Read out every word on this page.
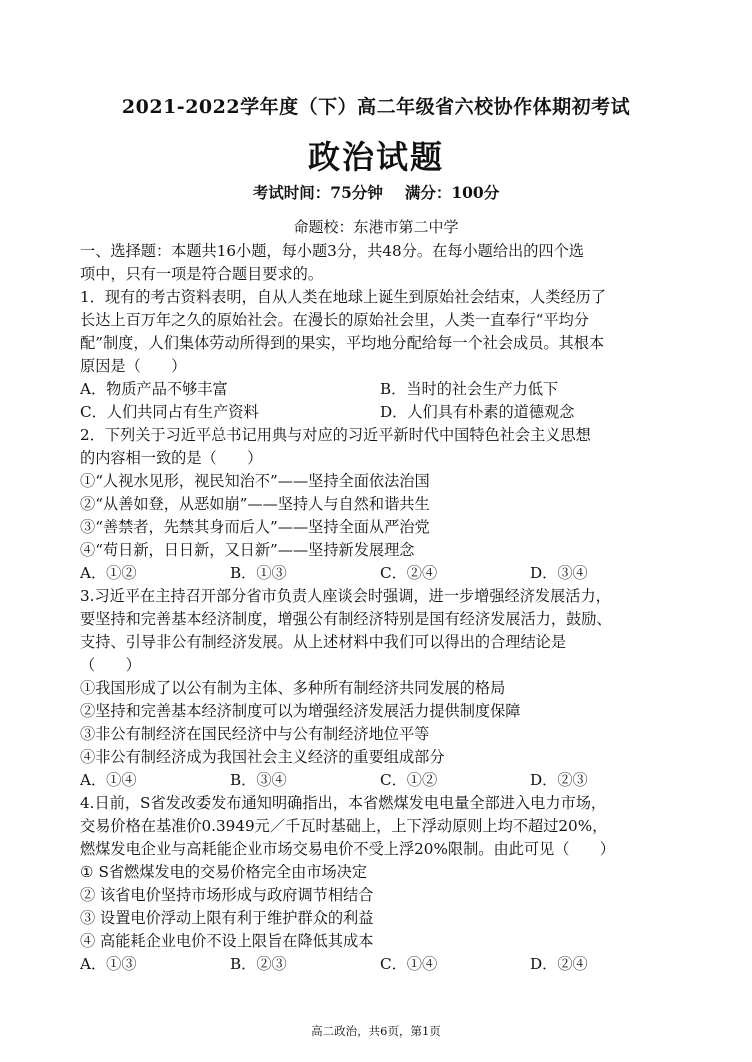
2021-2022学年度（下）高二年级省六校协作体期初考试
政治试题
考试时间：75分钟 满分：100分
命题校：东港市第二中学
一、选择题：本题共16小题，每小题3分，共48分。在每小题给出的四个选
项中，只有一项是符合题目要求的。
1．现有的考古资料表明，自从人类在地球上诞生到原始社会结束，人类经历了
长达上百万年之久的原始社会。在漫长的原始社会里，人类一直奉行“平均分
配”制度，人们集体劳动所得到的果实，平均地分配给每一个社会成员。其根本
原因是（　　）
A．物质产品不够丰富	B．当时的社会生产力低下
C．人们共同占有生产资料	D．人们具有朴素的道德观念
2．下列关于习近平总书记用典与对应的习近平新时代中国特色社会主义思想
的内容相一致的是（　　）
①“人视水见形，视民知治不”——坚持全面依法治国
②“从善如登，从恶如崩”——坚持人与自然和谐共生
③“善禁者，先禁其身而后人”——坚持全面从严治党
④“苟日新，日日新，又日新”——坚持新发展理念
A．①②	B．①③	C．②④	D．③④
3.习近平在主持召开部分省市负责人座谈会时强调，进一步增强经济发展活力，
要坚持和完善基本经济制度，增强公有制经济特别是国有经济发展活力，鼓励、
支持、引导非公有制经济发展。从上述材料中我们可以得出的合理结论是
（　　）
①我国形成了以公有制为主体、多种所有制经济共同发展的格局
②坚持和完善基本经济制度可以为增强经济发展活力提供制度保障
③非公有制经济在国民经济中与公有制经济地位平等
④非公有制经济成为我国社会主义经济的重要组成部分
A．①④	B．③④	C．①②	D．②③
4.日前，S省发改委发布通知明确指出，本省燃煤发电电量全部进入电力市场，
交易价格在基准价0.3949元／千瓦时基础上，上下浮动原则上均不超过20%，
燃煤发电企业与高耗能企业市场交易电价不受上浮20%限制。由此可见（　　）
① S省燃煤发电的交易价格完全由市场决定
② 该省电价坚持市场形成与政府调节相结合
③ 设置电价浮动上限有利于维护群众的利益
④ 高能耗企业电价不设上限旨在降低其成本
A．①③	B．②③	C．①④	D．②④
高二政治，共6页，第1页
